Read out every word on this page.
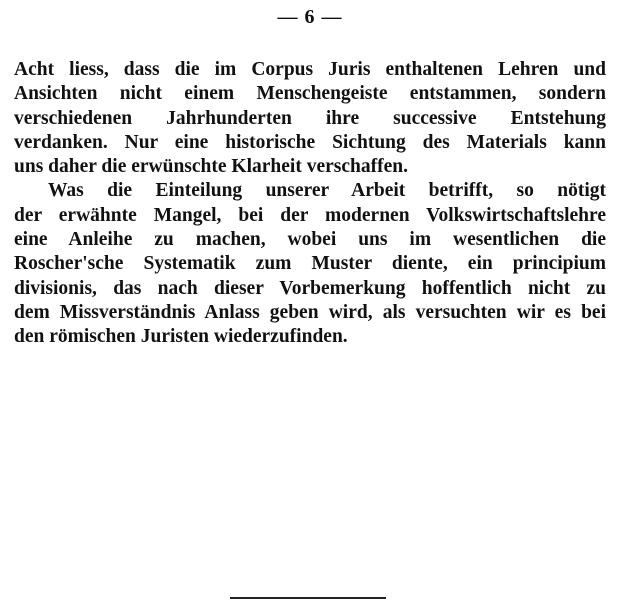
— 6 —
Acht liess, dass die im Corpus Juris enthaltenen Lehren und
Ansichten nicht einem Menschengeiste entstammen, sondern
verschiedenen Jahrhunderten ihre successive Entstehung
verdanken. Nur eine historische Sichtung des Materials kann
uns daher die erwünschte Klarheit verschaffen.
Was die Einteilung unserer Arbeit betrifft, so nötigt
der erwähnte Mangel, bei der modernen Volkswirtschaftslehre
eine Anleihe zu machen, wobei uns im wesentlichen die
Roscher'sche Systematik zum Muster diente, ein principium
divisionis, das nach dieser Vorbemerkung hoffentlich nicht zu
dem Missverständnis Anlass geben wird, als versuchten wir es bei
den römischen Juristen wiederzufinden.
